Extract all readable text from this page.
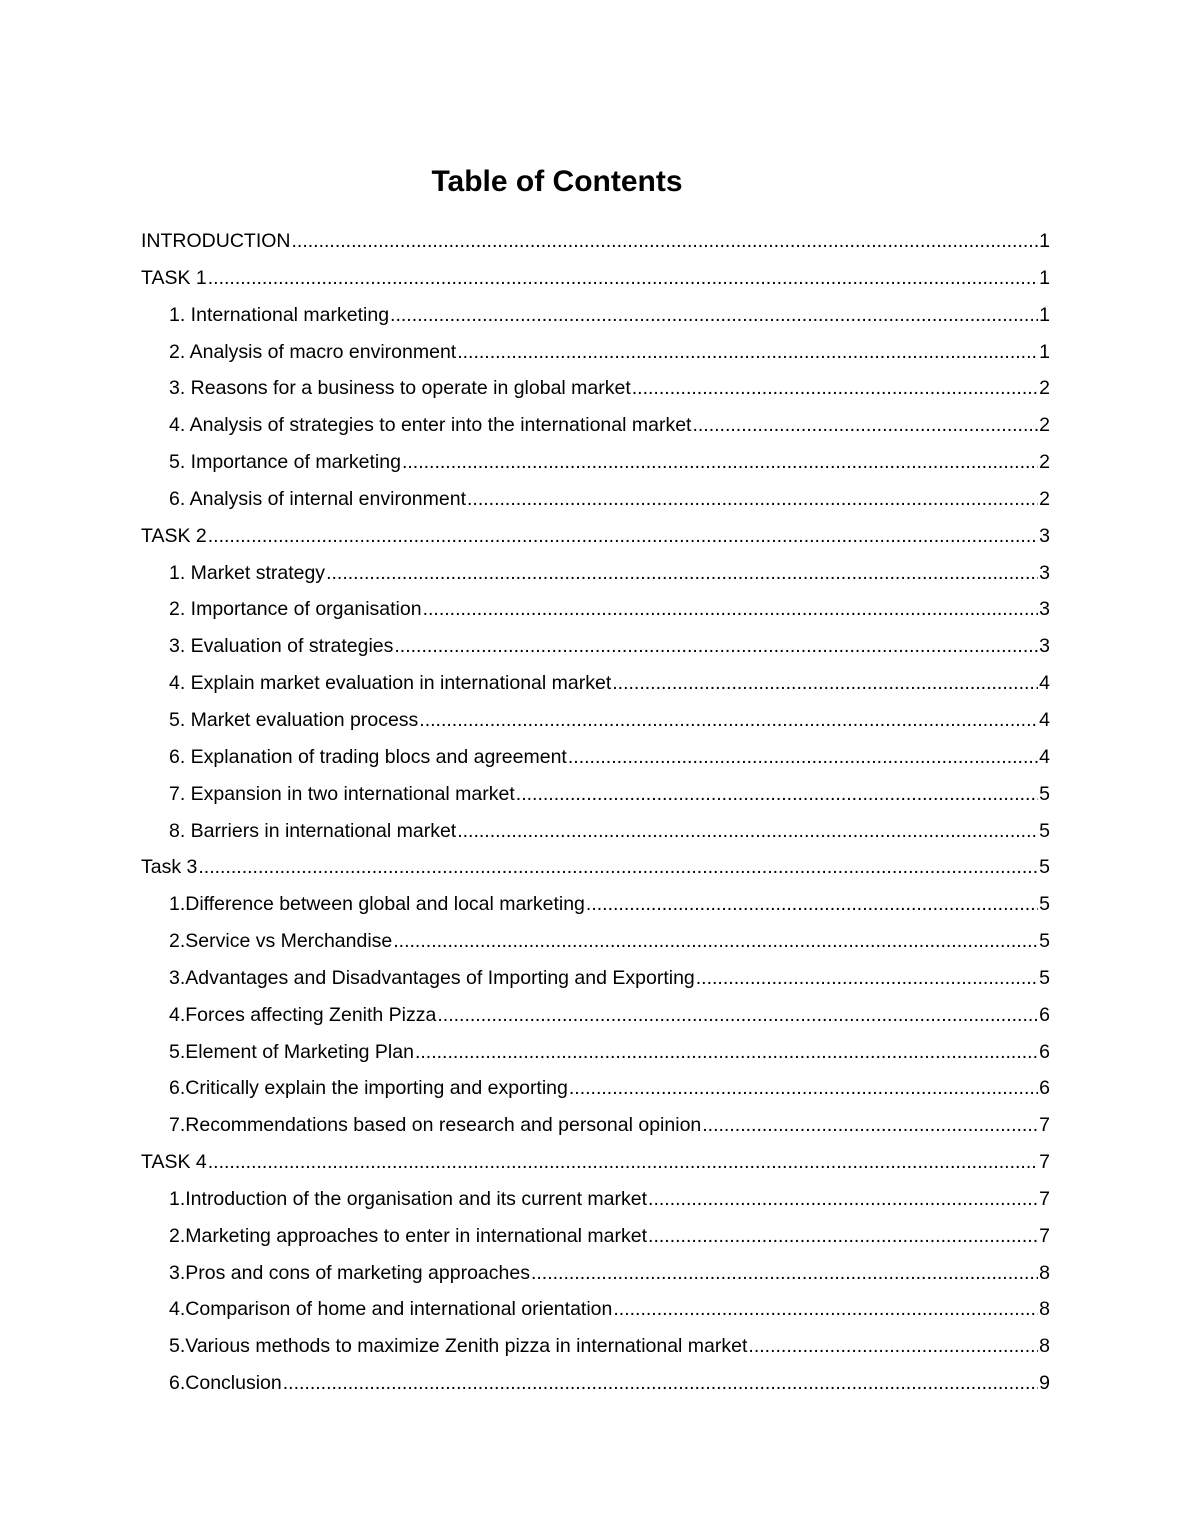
Table of Contents
INTRODUCTION .....	1
TASK 1 .....	1
1. International marketing .....	1
2. Analysis of macro environment .....	1
3. Reasons for a business to operate in global market .....	2
4. Analysis of strategies to enter into the international market .....	2
5. Importance of marketing .....	2
6. Analysis of internal environment .....	2
TASK 2 .....	3
1. Market strategy .....	3
2. Importance of organisation .....	3
3. Evaluation of strategies .....	3
4. Explain market evaluation in international market .....	4
5. Market evaluation process .....	4
6. Explanation of trading blocs and agreement .....	4
7. Expansion in two international market .....	5
8. Barriers in international market .....	5
Task 3 .....	5
1.Difference between global and local marketing .....	5
2.Service vs Merchandise .....	5
3.Advantages and Disadvantages of Importing and Exporting .....	5
4.Forces affecting Zenith Pizza .....	6
5.Element of Marketing Plan .....	6
6.Critically explain the importing and exporting .....	6
7.Recommendations based on research and personal opinion .....	7
TASK 4 .....	7
1.Introduction of the organisation and its current market .....	7
2.Marketing approaches to enter in international market .....	7
3.Pros and cons of marketing approaches .....	8
4.Comparison of home and international orientation .....	8
5.Various methods to maximize Zenith pizza in international market .....	8
6.Conclusion .....	9
